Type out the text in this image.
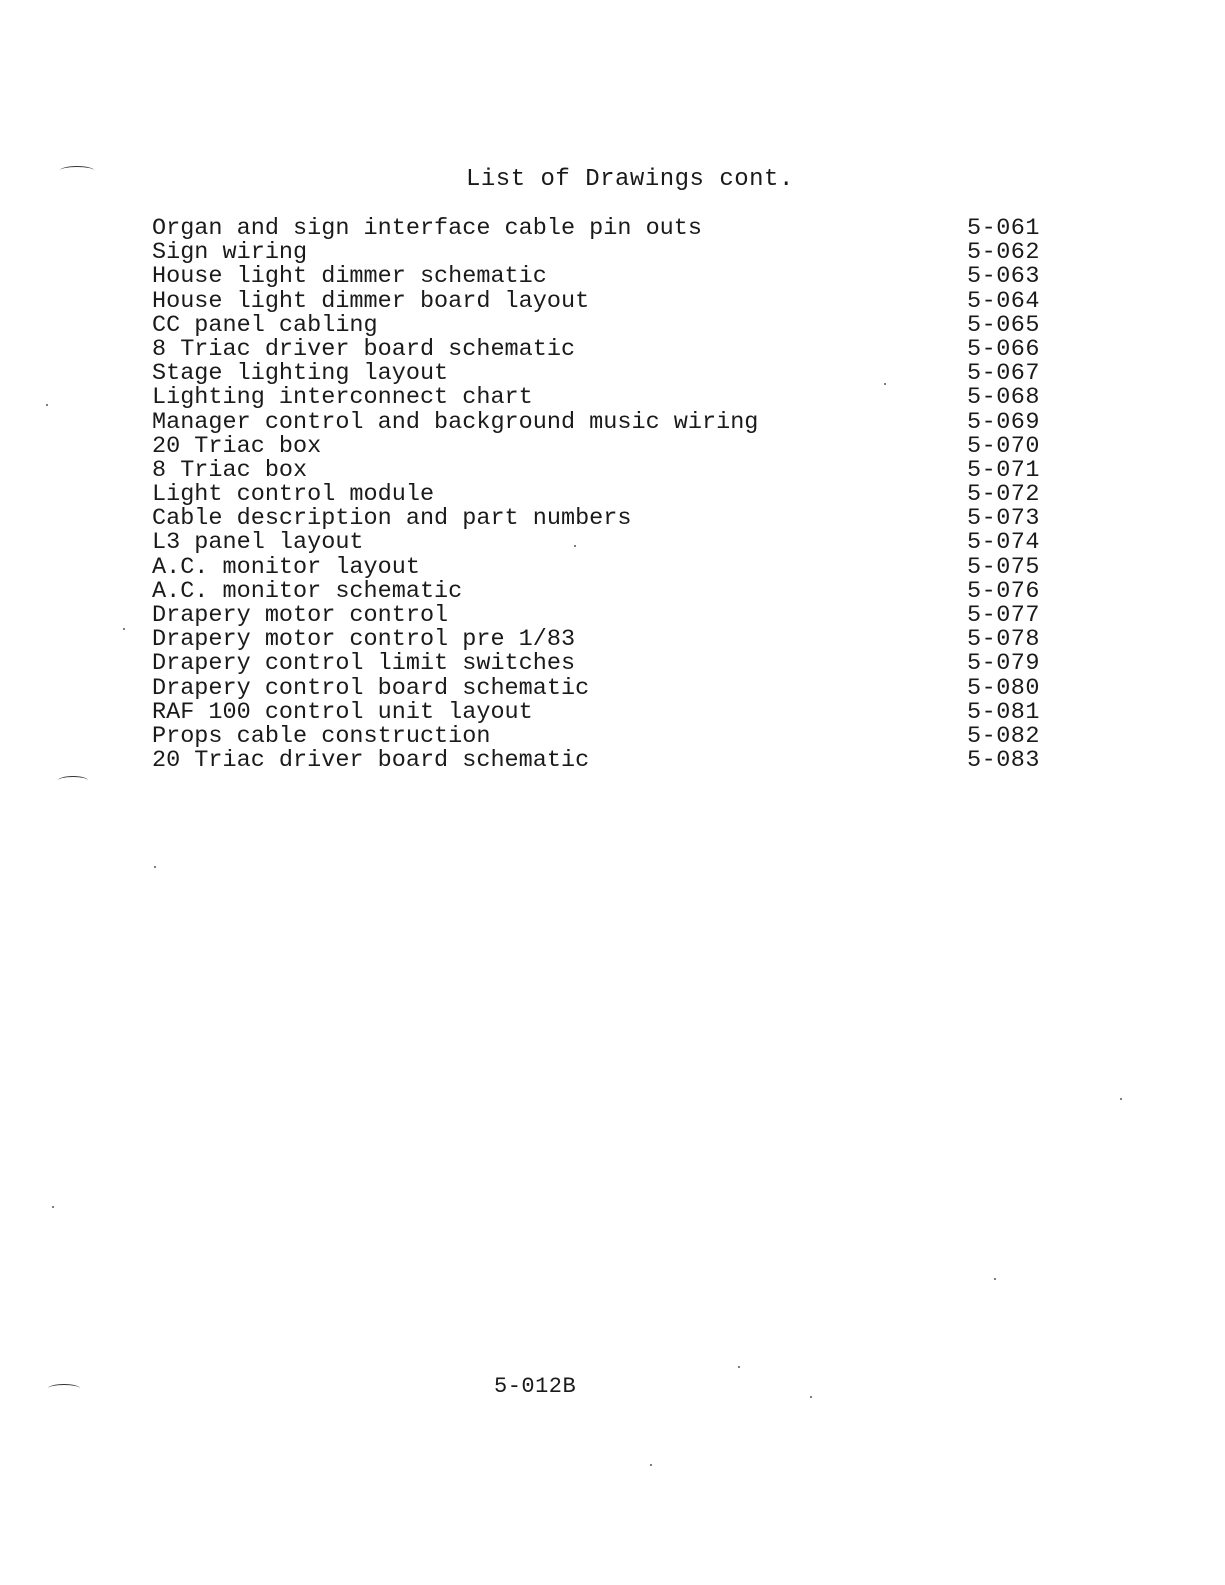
List of Drawings cont.
Organ and sign interface cable pin outs	5-061
Sign wiring	5-062
House light dimmer schematic	5-063
House light dimmer board layout	5-064
CC panel cabling	5-065
8 Triac driver board schematic	5-066
Stage lighting layout	5-067
Lighting interconnect chart	5-068
Manager control and background music wiring	5-069
20 Triac box	5-070
8 Triac box	5-071
Light control module	5-072
Cable description and part numbers	5-073
L3 panel layout	5-074
A.C. monitor layout	5-075
A.C. monitor schematic	5-076
Drapery motor control	5-077
Drapery motor control pre 1/83	5-078
Drapery control limit switches	5-079
Drapery control board schematic	5-080
RAF 100 control unit layout	5-081
Props cable construction	5-082
20 Triac driver board schematic	5-083
5-012B
